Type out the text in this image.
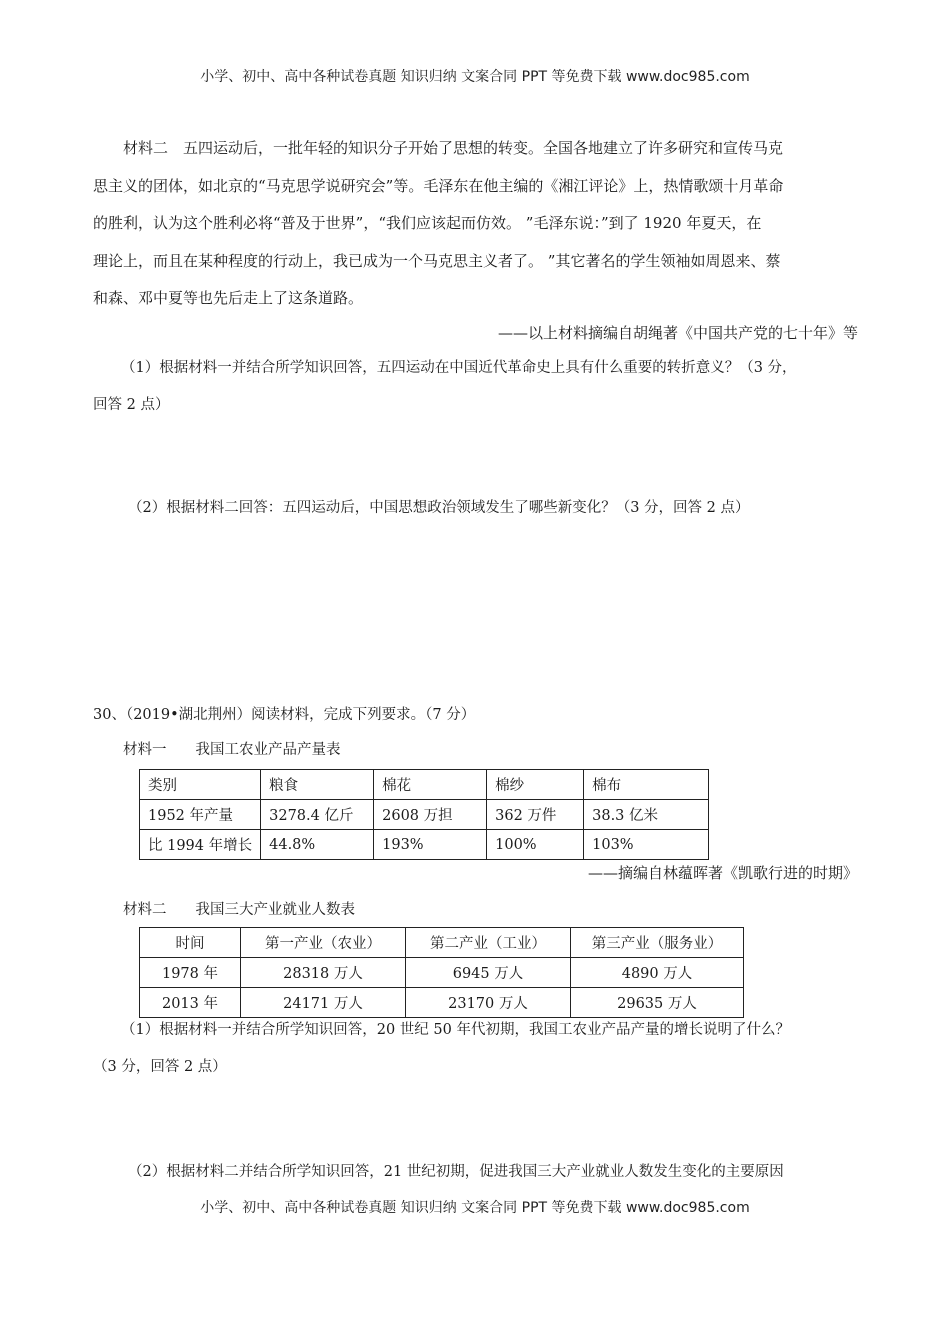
小学、初中、高中各种试卷真题 知识归纳 文案合同 PPT 等免费下载 www.doc985.com
材料二　五四运动后，一批年轻的知识分子开始了思想的转变。全国各地建立了许多研究和宣传马克
思主义的团体，如北京的“马克思学说研究会”等。毛泽东在他主编的《湘江评论》上，热情歌颂十月革命
的胜利，认为这个胜利必将“普及于世界”，“我们应该起而仿效。 ”毛泽东说：”到了 1920 年夏天，在
理论上，而且在某种程度的行动上，我已成为一个马克思主义者了。 ”其它著名的学生领袖如周恩来、蔡
和森、邓中夏等也先后走上了这条道路。
——以上材料摘编自胡绳著《中国共产党的七十年》等
（1）根据材料一并结合所学知识回答，五四运动在中国近代革命史上具有什么重要的转折意义？（3 分，
回答 2 点）
（2）根据材料二回答：五四运动后，中国思想政治领域发生了哪些新变化？（3 分，回答 2 点）
30、（2019•湖北荆州）阅读材料，完成下列要求。（7 分）
材料一　　我国工农业产品产量表
类别	粮食	棉花	棉纱	棉布
1952 年产量	3278.4 亿斤	2608 万担	362 万件	38.3 亿米
比 1994 年增长	44.8%	193%	100%	103%
——摘编自林蕴晖著《凯歌行进的时期》
材料二　　我国三大产业就业人数表
时间	第一产业（农业）	第二产业（工业）	第三产业（服务业）
1978 年	28318 万人	6945 万人	4890 万人
2013 年	24171 万人	23170 万人	29635 万人
（1）根据材料一并结合所学知识回答，20 世纪 50 年代初期，我国工农业产品产量的增长说明了什么？
（3 分，回答 2 点）
（2）根据材料二并结合所学知识回答，21 世纪初期，促进我国三大产业就业人数发生变化的主要原因
小学、初中、高中各种试卷真题 知识归纳 文案合同 PPT 等免费下载 www.doc985.com
